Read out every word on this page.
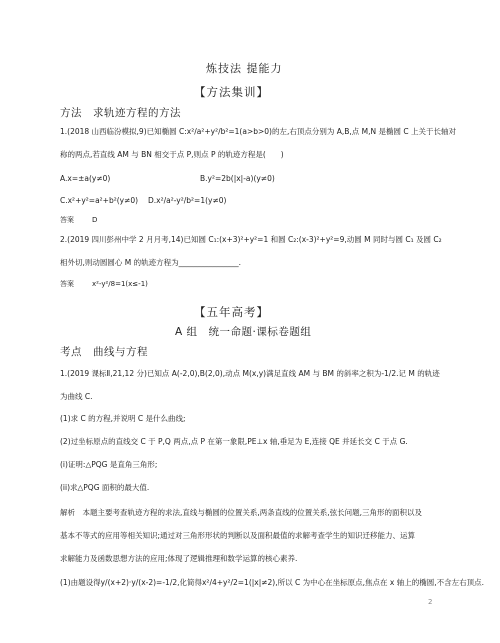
炼技法 提能力
【方法集训】
方法　求轨迹方程的方法
1.(2018 山西临汾模拟,9)已知椭圆 C:x²/a²+y²/b²=1(a>b>0)的左,右顶点分别为 A,B,点 M,N 是椭圆 C 上关于长轴对
称的两点,若直线 AM 与 BN 相交于点 P,则点 P 的轨迹方程是(　　)
A.x=±a(y≠0)	B.y²=2b(|x|-a)(y≠0)
C.x²+y²=a²+b²(y≠0) D.x²/a²-y²/b²=1(y≠0)
答案	D
2.(2019 四川彭州中学 2 月月考,14)已知圆 C₁:(x+3)²+y²=1 和圆 C₂:(x-3)²+y²=9,动圆 M 同时与圆 C₁ 及圆 C₂
相外切,则动圆圆心 M 的轨迹方程为________________.
答案	x²-y²/8=1(x≤-1)
【五年高考】
A 组　统一命题·课标卷题组
考点　曲线与方程
1.(2019 课标Ⅱ,21,12 分)已知点 A(-2,0),B(2,0),动点 M(x,y)满足直线 AM 与 BM 的斜率之积为-1/2.记 M 的轨迹
为曲线 C.
(1)求 C 的方程,并说明 C 是什么曲线;
(2)过坐标原点的直线交 C 于 P,Q 两点,点 P 在第一象限,PE⊥x 轴,垂足为 E,连接 QE 并延长交 C 于点 G.
(i)证明:△PQG 是直角三角形;
(ii)求△PQG 面积的最大值.
解析　本题主要考查轨迹方程的求法,直线与椭圆的位置关系,两条直线的位置关系,弦长问题,三角形的面积以及
基本不等式的应用等相关知识;通过对三角形形状的判断以及面积最值的求解考查学生的知识迁移能力、运算
求解能力及函数思想方法的应用;体现了逻辑推理和数学运算的核心素养.
(1)由题设得y/(x+2)·y/(x-2)=-1/2,化简得x²/4+y²/2=1(|x|≠2),所以 C 为中心在坐标原点,焦点在 x 轴上的椭圆,不含左右顶点.
2
